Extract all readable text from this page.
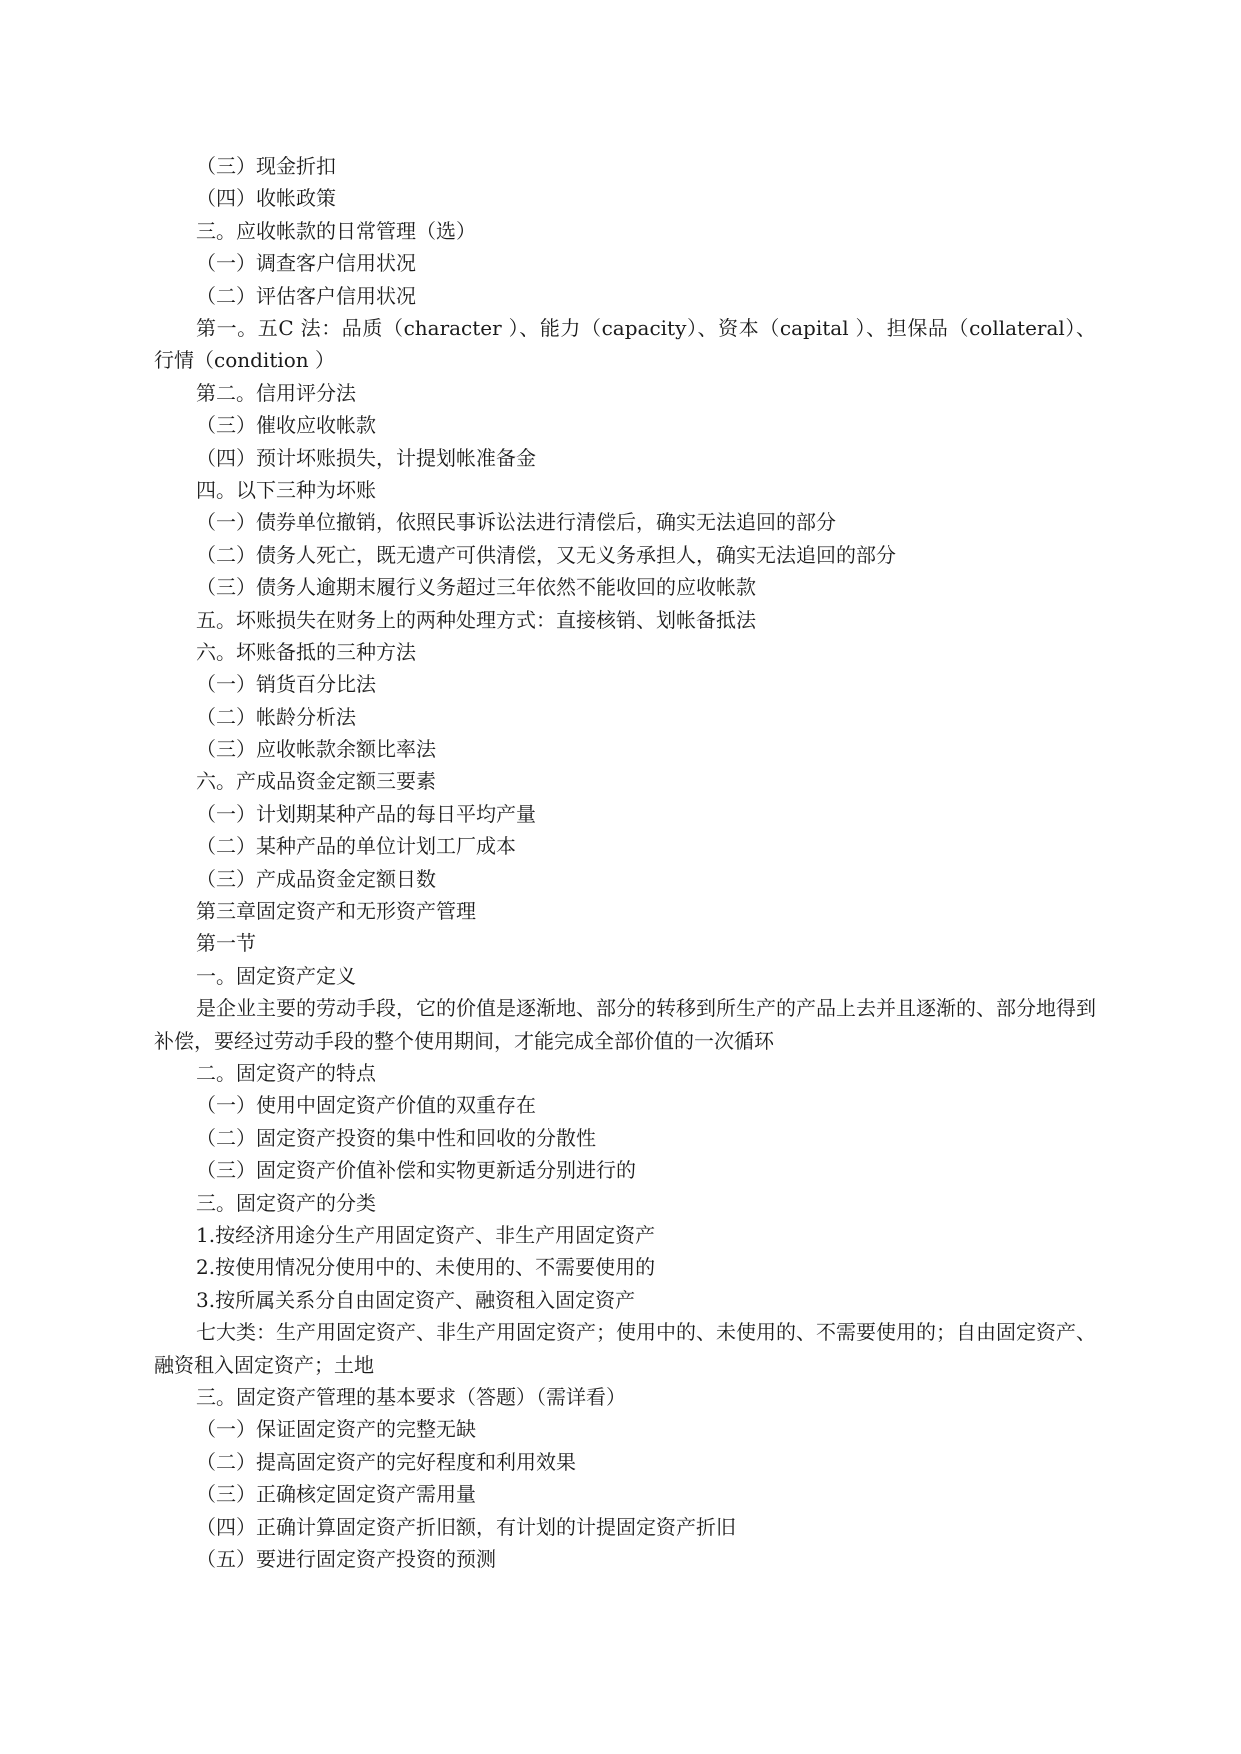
（三）现金折扣
（四）收帐政策
三。应收帐款的日常管理（选）
（一）调查客户信用状况
（二）评估客户信用状况
第一。五C 法：品质（character ）、能力（capacity）、资本（capital ）、担保品（collateral）、行情（condition ）
第二。信用评分法
（三）催收应收帐款
（四）预计坏账损失，计提划帐准备金
四。以下三种为坏账
（一）债券单位撤销，依照民事诉讼法进行清偿后，确实无法追回的部分
（二）债务人死亡，既无遗产可供清偿，又无义务承担人，确实无法追回的部分
（三）债务人逾期末履行义务超过三年依然不能收回的应收帐款
五。坏账损失在财务上的两种处理方式：直接核销、划帐备抵法
六。坏账备抵的三种方法
（一）销货百分比法
（二）帐龄分析法
（三）应收帐款余额比率法
六。产成品资金定额三要素
（一）计划期某种产品的每日平均产量
（二）某种产品的单位计划工厂成本
（三）产成品资金定额日数
第三章固定资产和无形资产管理
第一节
一。固定资产定义
是企业主要的劳动手段，它的价值是逐渐地、部分的转移到所生产的产品上去并且逐渐的、部分地得到补偿，要经过劳动手段的整个使用期间，才能完成全部价值的一次循环
二。固定资产的特点
（一）使用中固定资产价值的双重存在
（二）固定资产投资的集中性和回收的分散性
（三）固定资产价值补偿和实物更新适分别进行的
三。固定资产的分类
1.按经济用途分生产用固定资产、非生产用固定资产
2.按使用情况分使用中的、未使用的、不需要使用的
3.按所属关系分自由固定资产、融资租入固定资产
七大类：生产用固定资产、非生产用固定资产；使用中的、未使用的、不需要使用的；自由固定资产、融资租入固定资产；土地
三。固定资产管理的基本要求（答题）（需详看）
（一）保证固定资产的完整无缺
（二）提高固定资产的完好程度和利用效果
（三）正确核定固定资产需用量
（四）正确计算固定资产折旧额，有计划的计提固定资产折旧
（五）要进行固定资产投资的预测
